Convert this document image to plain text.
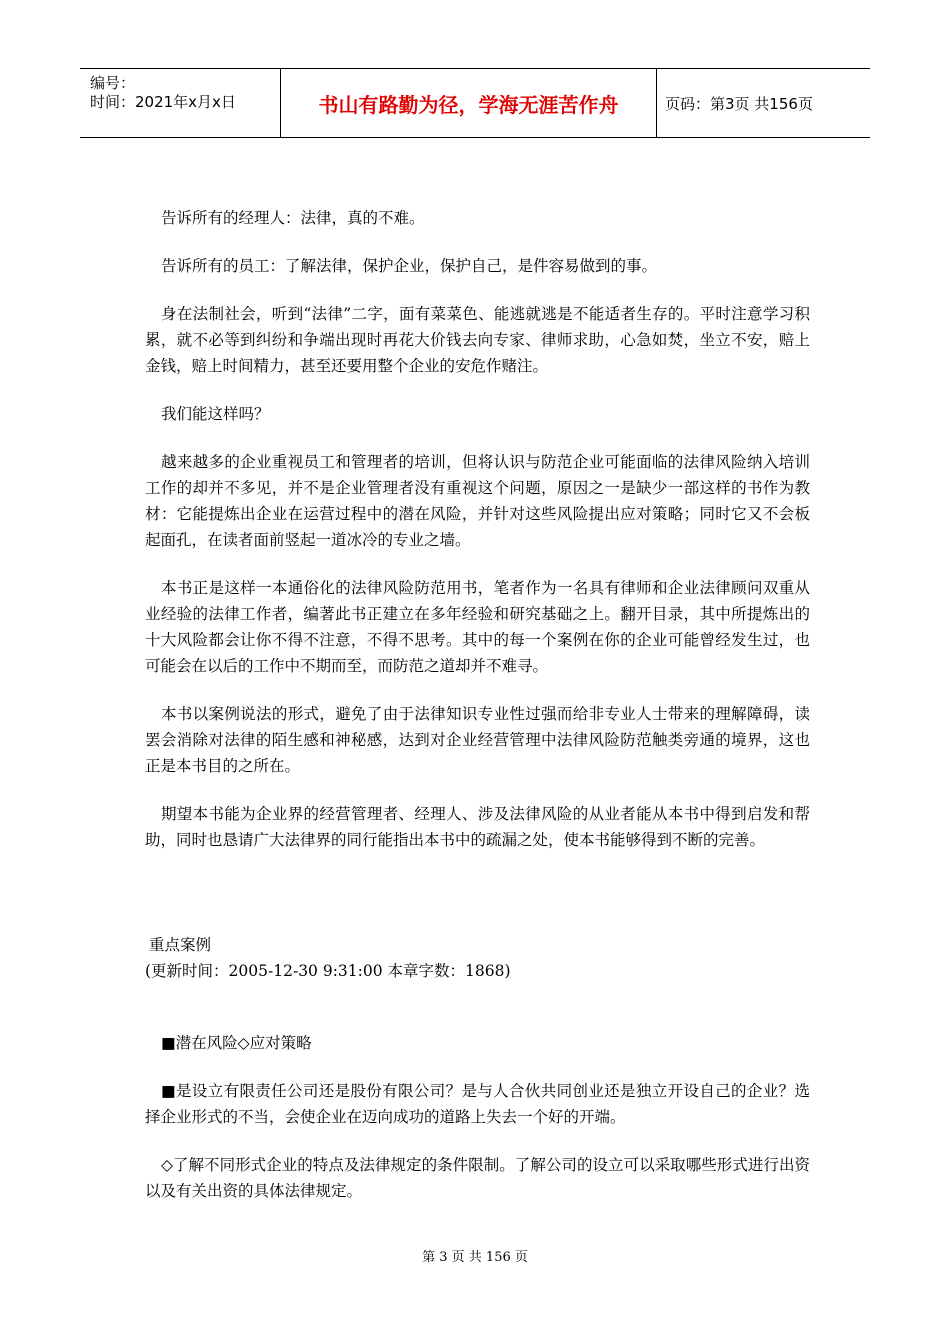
编号：
时间：2021年x月x日	书山有路勤为径，学海无涯苦作舟	页码：第3页 共156页

告诉所有的经理人：法律，真的不难。

告诉所有的员工：了解法律，保护企业，保护自己，是件容易做到的事。

身在法制社会，听到“法律”二字，面有菜菜色、能逃就逃是不能适者生存的。平时注意学习积累，就不必等到纠纷和争端出现时再花大价钱去向专家、律师求助，心急如焚，坐立不安，赔上金钱，赔上时间精力，甚至还要用整个企业的安危作赌注。

我们能这样吗？

越来越多的企业重视员工和管理者的培训，但将认识与防范企业可能面临的法律风险纳入培训工作的却并不多见，并不是企业管理者没有重视这个问题，原因之一是缺少一部这样的书作为教材：它能提炼出企业在运营过程中的潜在风险，并针对这些风险提出应对策略；同时它又不会板起面孔，在读者面前竖起一道冰冷的专业之墙。

本书正是这样一本通俗化的法律风险防范用书，笔者作为一名具有律师和企业法律顾问双重从业经验的法律工作者，编著此书正建立在多年经验和研究基础之上。翻开目录，其中所提炼出的十大风险都会让你不得不注意，不得不思考。其中的每一个案例在你的企业可能曾经发生过，也可能会在以后的工作中不期而至，而防范之道却并不难寻。

本书以案例说法的形式，避免了由于法律知识专业性过强而给非专业人士带来的理解障碍，读罢会消除对法律的陌生感和神秘感，达到对企业经营管理中法律风险防范触类旁通的境界，这也正是本书目的之所在。

期望本书能为企业界的经营管理者、经理人、涉及法律风险的从业者能从本书中得到启发和帮助，同时也恳请广大法律界的同行能指出本书中的疏漏之处，使本书能够得到不断的完善。

重点案例
(更新时间：2005-12-30 9:31:00 本章字数：1868)

■潜在风险◇应对策略

■是设立有限责任公司还是股份有限公司？是与人合伙共同创业还是独立开设自己的企业？选择企业形式的不当，会使企业在迈向成功的道路上失去一个好的开端。

◇了解不同形式企业的特点及法律规定的条件限制。了解公司的设立可以采取哪些形式进行出资以及有关出资的具体法律规定。

第 3 页 共 156 页
